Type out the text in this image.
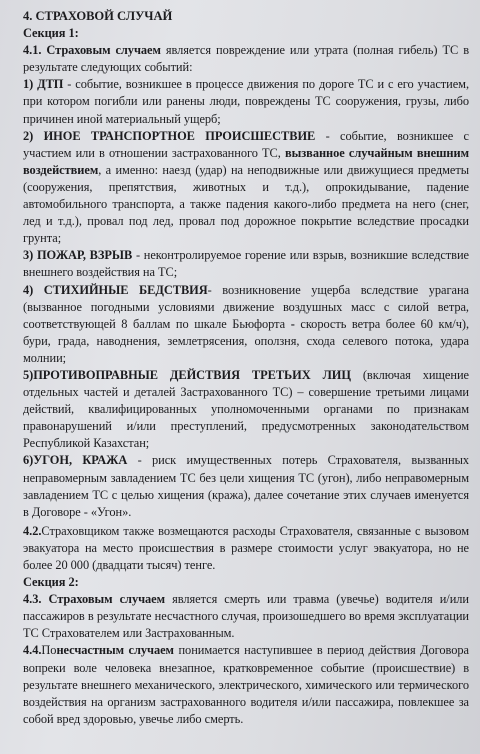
4. СТРАХОВОЙ СЛУЧАЙ

Секция 1:

4.1. Страховым случаем является повреждение или утрата (полная гибель) ТС в результате следующих событий:

1) ДТП - событие, возникшее в процессе движения по дороге ТС и с его участием, при котором погибли или ранены люди, повреждены ТС сооружения, грузы, либо причинен иной материальный ущерб;

2) ИНОЕ ТРАНСПОРТНОЕ ПРОИСШЕСТВИЕ - событие, возникшее с участием или в отношении застрахованного ТС, вызванное случайным внешним воздействием, а именно: наезд (удар) на неподвижные или движущиеся предметы (сооружения, препятствия, животных и т.д.), опрокидывание, падение автомобильного транспорта, а также падения какого-либо предмета на него (снег, лед и т.д.), провал под лед, провал под дорожное покрытие вследствие просадки грунта;

3) ПОЖАР, ВЗРЫВ - неконтролируемое горение или взрыв, возникшие вследствие внешнего воздействия на ТС;

4) СТИХИЙНЫЕ БЕДСТВИЯ- возникновение ущерба вследствие урагана (вызванное погодными условиями движение воздушных масс с силой ветра, соответствующей 8 баллам по шкале Бьюфорта - скорость ветра более 60 км/ч), бури, града, наводнения, землетрясения, оползня, схода селевого потока, удара молнии;

5)ПРОТИВОПРАВНЫЕ ДЕЙСТВИЯ ТРЕТЬИХ ЛИЦ (включая хищение отдельных частей и деталей Застрахованного ТС) – совершение третьими лицами действий, квалифицированных уполномоченными органами по признакам правонарушений и/или преступлений, предусмотренных законодательством Республикой Казахстан;

6)УГОН, КРАЖА - риск имущественных потерь Страхователя, вызванных неправомерным завладением ТС без цели хищения ТС (угон), либо неправомерным завладением ТС с целью хищения (кража), далее сочетание этих случаев именуется в Договоре - «Угон».

4.2.Страховщиком также возмещаются расходы Страхователя, связанные с вызовом эвакуатора на место происшествия в размере стоимости услуг эвакуатора, но не более 20 000 (двадцати тысяч) тенге.

Секция 2:

4.3. Страховым случаем является смерть или травма (увечье) водителя и/или пассажиров в результате несчастного случая, произошедшего во время эксплуатации ТС Страхователем или Застрахованным.

4.4.Понесчастным случаем понимается наступившее в период действия Договора вопреки воле человека внезапное, кратковременное событие (происшествие) в результате внешнего механического, электрического, химического или термического воздействия на организм застрахованного водителя и/или пассажира, повлекшее за собой вред здоровью, увечье либо смерть.
